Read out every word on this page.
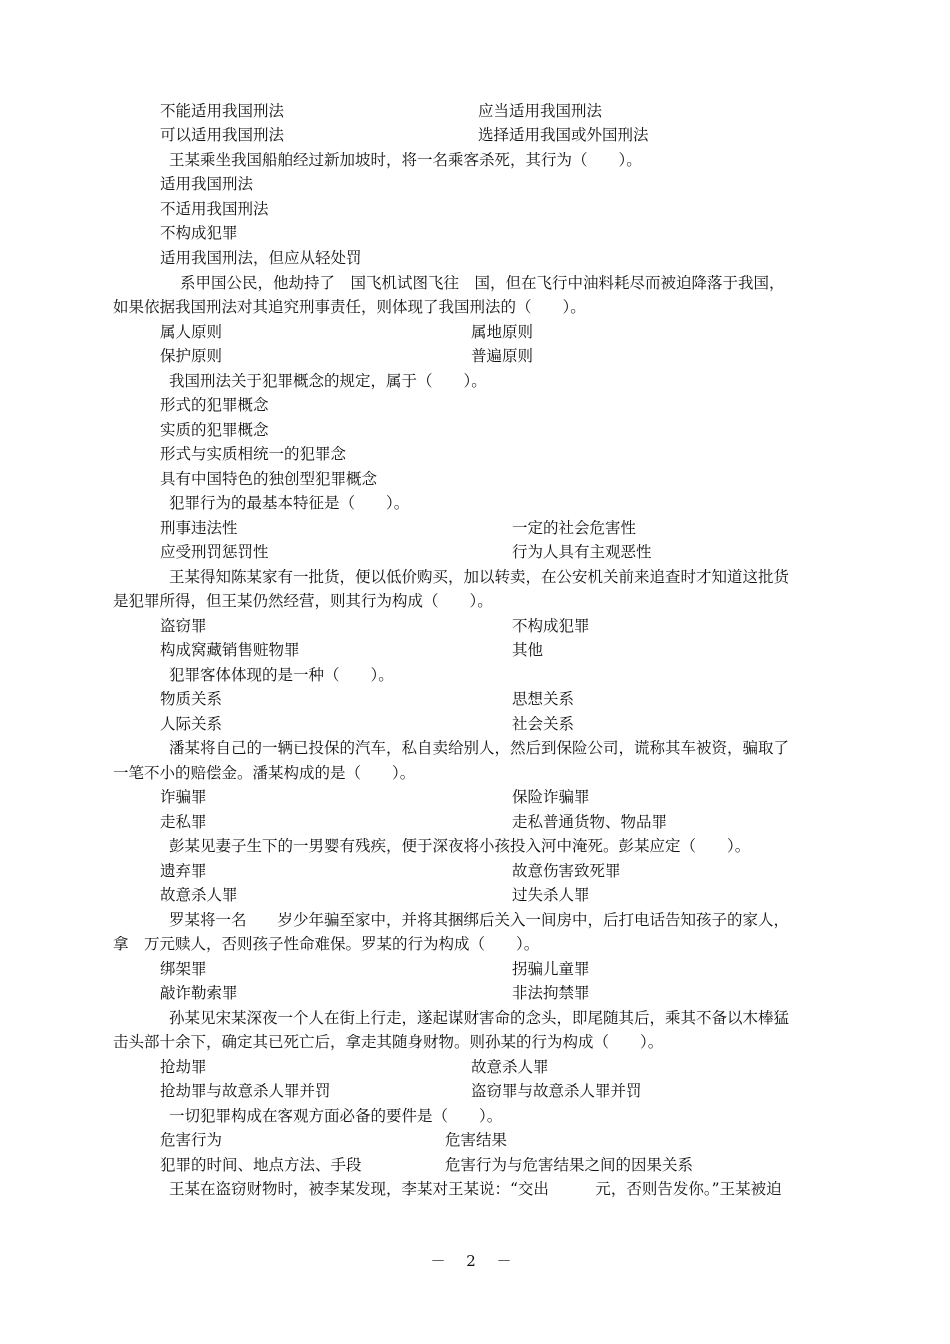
不能适用我国刑法	应当适用我国刑法
可以适用我国刑法	选择适用我国或外国刑法
王某乘坐我国船舶经过新加坡时，将一名乘客杀死，其行为（　　）。
适用我国刑法
不适用我国刑法
不构成犯罪
适用我国刑法，但应从轻处罚
系甲国公民，他劫持了　国飞机试图飞往　国，但在飞行中油料耗尽而被迫降落于我国，
如果依据我国刑法对其追究刑事责任，则体现了我国刑法的（　　）。
属人原则	属地原则
保护原则	普遍原则
我国刑法关于犯罪概念的规定，属于（　　）。
形式的犯罪概念
实质的犯罪概念
形式与实质相统一的犯罪念
具有中国特色的独创型犯罪概念
犯罪行为的最基本特征是（　　）。
刑事违法性	一定的社会危害性
应受刑罚惩罚性	行为人具有主观恶性
王某得知陈某家有一批货，便以低价购买，加以转卖，在公安机关前来追查时才知道这批货
是犯罪所得，但王某仍然经营，则其行为构成（　　）。
盗窃罪	不构成犯罪
构成窝藏销售赃物罪	其他
犯罪客体体现的是一种（　　）。
物质关系	思想关系
人际关系	社会关系
潘某将自己的一辆已投保的汽车，私自卖给别人，然后到保险公司，谎称其车被资，骗取了
一笔不小的赔偿金。潘某构成的是（　　）。
诈骗罪	保险诈骗罪
走私罪	走私普通货物、物品罪
彭某见妻子生下的一男婴有残疾，便于深夜将小孩投入河中淹死。彭某应定（　　）。
遗弃罪	故意伤害致死罪
故意杀人罪	过失杀人罪
罗某将一名　　岁少年骗至家中，并将其捆绑后关入一间房中，后打电话告知孩子的家人，
拿　万元赎人，否则孩子性命难保。罗某的行为构成（　　）。
绑架罪	拐骗儿童罪
敲诈勒索罪	非法拘禁罪
孙某见宋某深夜一个人在街上行走，遂起谋财害命的念头，即尾随其后，乘其不备以木棒猛
击头部十余下，确定其已死亡后，拿走其随身财物。则孙某的行为构成（　　）。
抢劫罪	故意杀人罪
抢劫罪与故意杀人罪并罚	盗窃罪与故意杀人罪并罚
一切犯罪构成在客观方面必备的要件是（　　）。
危害行为	危害结果
犯罪的时间、地点方法、手段	危害行为与危害结果之间的因果关系
王某在盗窃财物时，被李某发现，李某对王某说：“交出　　　元，否则告发你。”王某被迫
－ 2 －
